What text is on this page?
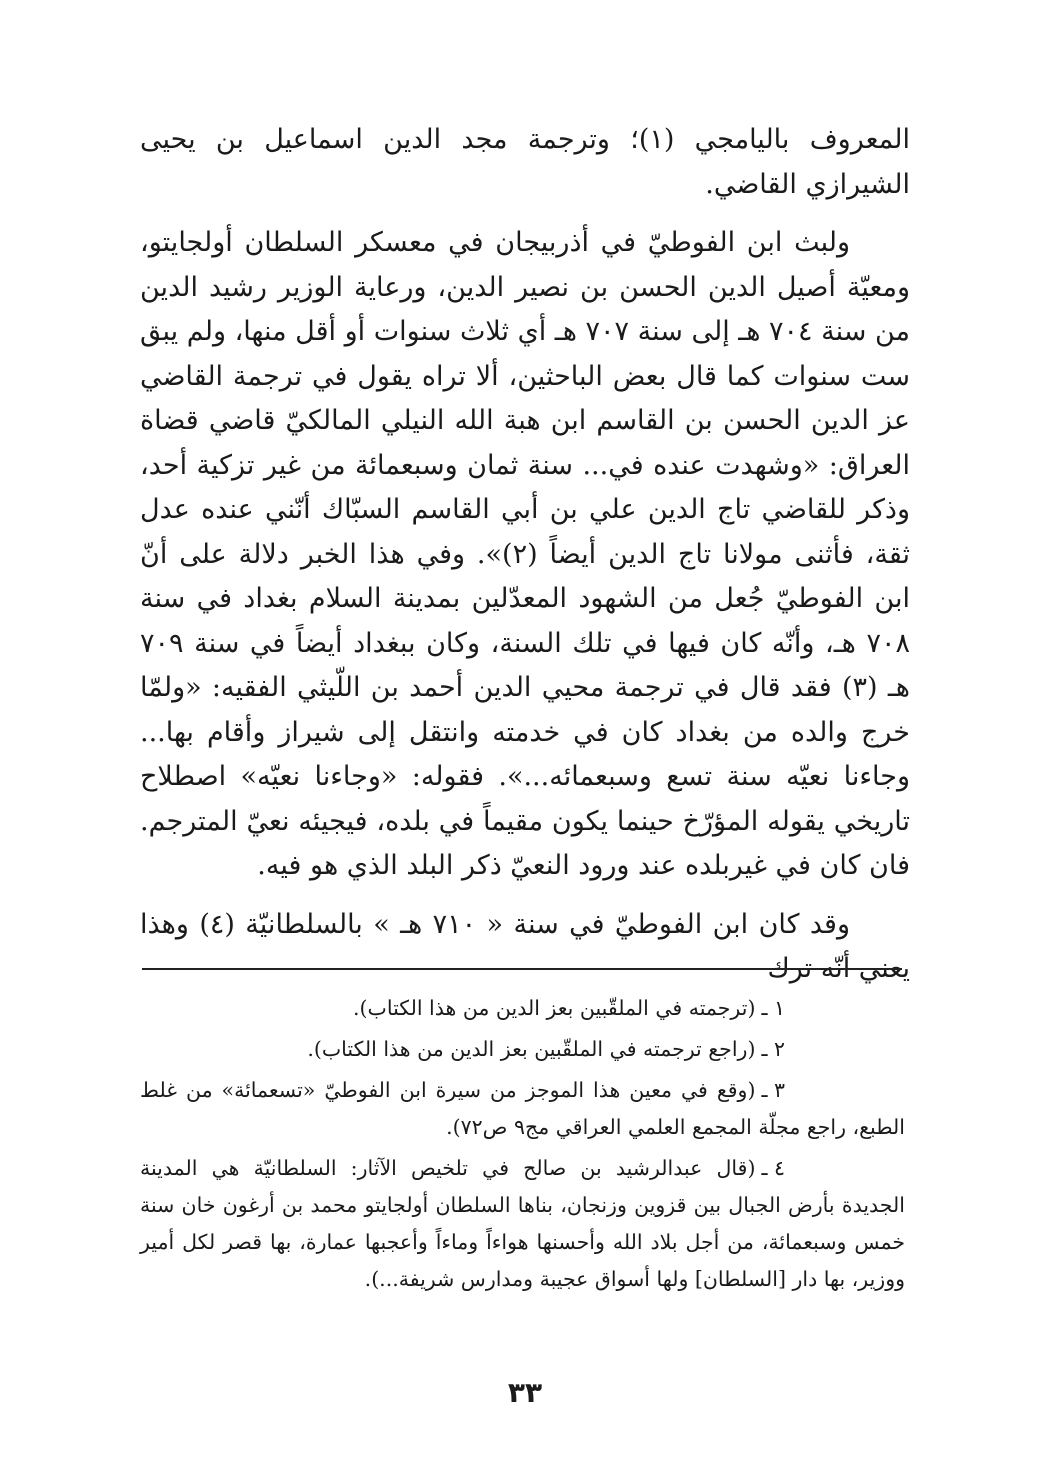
المعروف باليامجي (١)؛ وترجمة مجد الدين اسماعيل بن يحيى الشيرازي القاضي.

ولبث ابن الفوطيّ في أذربيجان في معسكر السلطان أولجايتو، ومعيّة أصيل الدين الحسن بن نصير الدين، ورعاية الوزير رشيد الدين من سنة ٧٠٤ هـ إلى سنة ٧٠٧ هـ أي ثلاث سنوات أو أقل منها، ولم يبق ست سنوات كما قال بعض الباحثين، ألا تراه يقول في ترجمة القاضي عز الدين الحسن بن القاسم ابن هبة الله النيلي المالكيّ قاضي قضاة العراق: «وشهدت عنده في... سنة ثمان وسبعمائة من غير تزكية أحد، وذكر للقاضي تاج الدين علي بن أبي القاسم السبّاك أنّني عنده عدل ثقة، فأثنى مولانا تاج الدين أيضاً (٢)». وفي هذا الخبر دلالة على أنّ ابن الفوطيّ جُعل من الشهود المعدّلين بمدينة السلام بغداد في سنة ٧٠٨ هـ، وأنّه كان فيها في تلك السنة، وكان ببغداد أيضاً في سنة ٧٠٩ هـ (٣) فقد قال في ترجمة محيي الدين أحمد بن اللّيثي الفقيه: «ولمّا خرج والده من بغداد كان في خدمته وانتقل إلى شيراز وأقام بها... وجاءنا نعيّه سنة تسع وسبعمائه...». فقوله: «وجاءنا نعيّه» اصطلاح تاريخي يقوله المؤرّخ حينما يكون مقيماً في بلده، فيجيئه نعيّ المترجم. فان كان في غيربلده عند ورود النعيّ ذكر البلد الذي هو فيه.

وقد كان ابن الفوطيّ في سنة « ٧١٠ هـ » بالسلطانيّة (٤) وهذا يعني أنّه ترك

١ ـ(ترجمته في الملقّبين بعز الدين من هذا الكتاب).

٢ ـ(راجع ترجمته في الملقّبين بعز الدين من هذا الكتاب).

٣ ـ(وقع في معين هذا الموجز من سيرة ابن الفوطيّ «تسعمائة» من غلط الطبع، راجع مجلّة المجمع العلمي العراقي مج٩ ص٧٢).

٤ ـ(قال عبدالرشيد بن صالح في تلخيص الآثار: السلطانيّة هي المدينة الجديدة بأرض الجبال بين قزوين وزنجان، بناها السلطان أولجايتو محمد بن أرغون خان سنة خمس وسبعمائة، من أجل بلاد الله وأحسنها هواءاً وماءاً وأعجبها عمارة، بها قصر لكل أمير ووزير، بها دار [السلطان] ولها أسواق عجيبة ومدارس شريفة...).

٣٣
